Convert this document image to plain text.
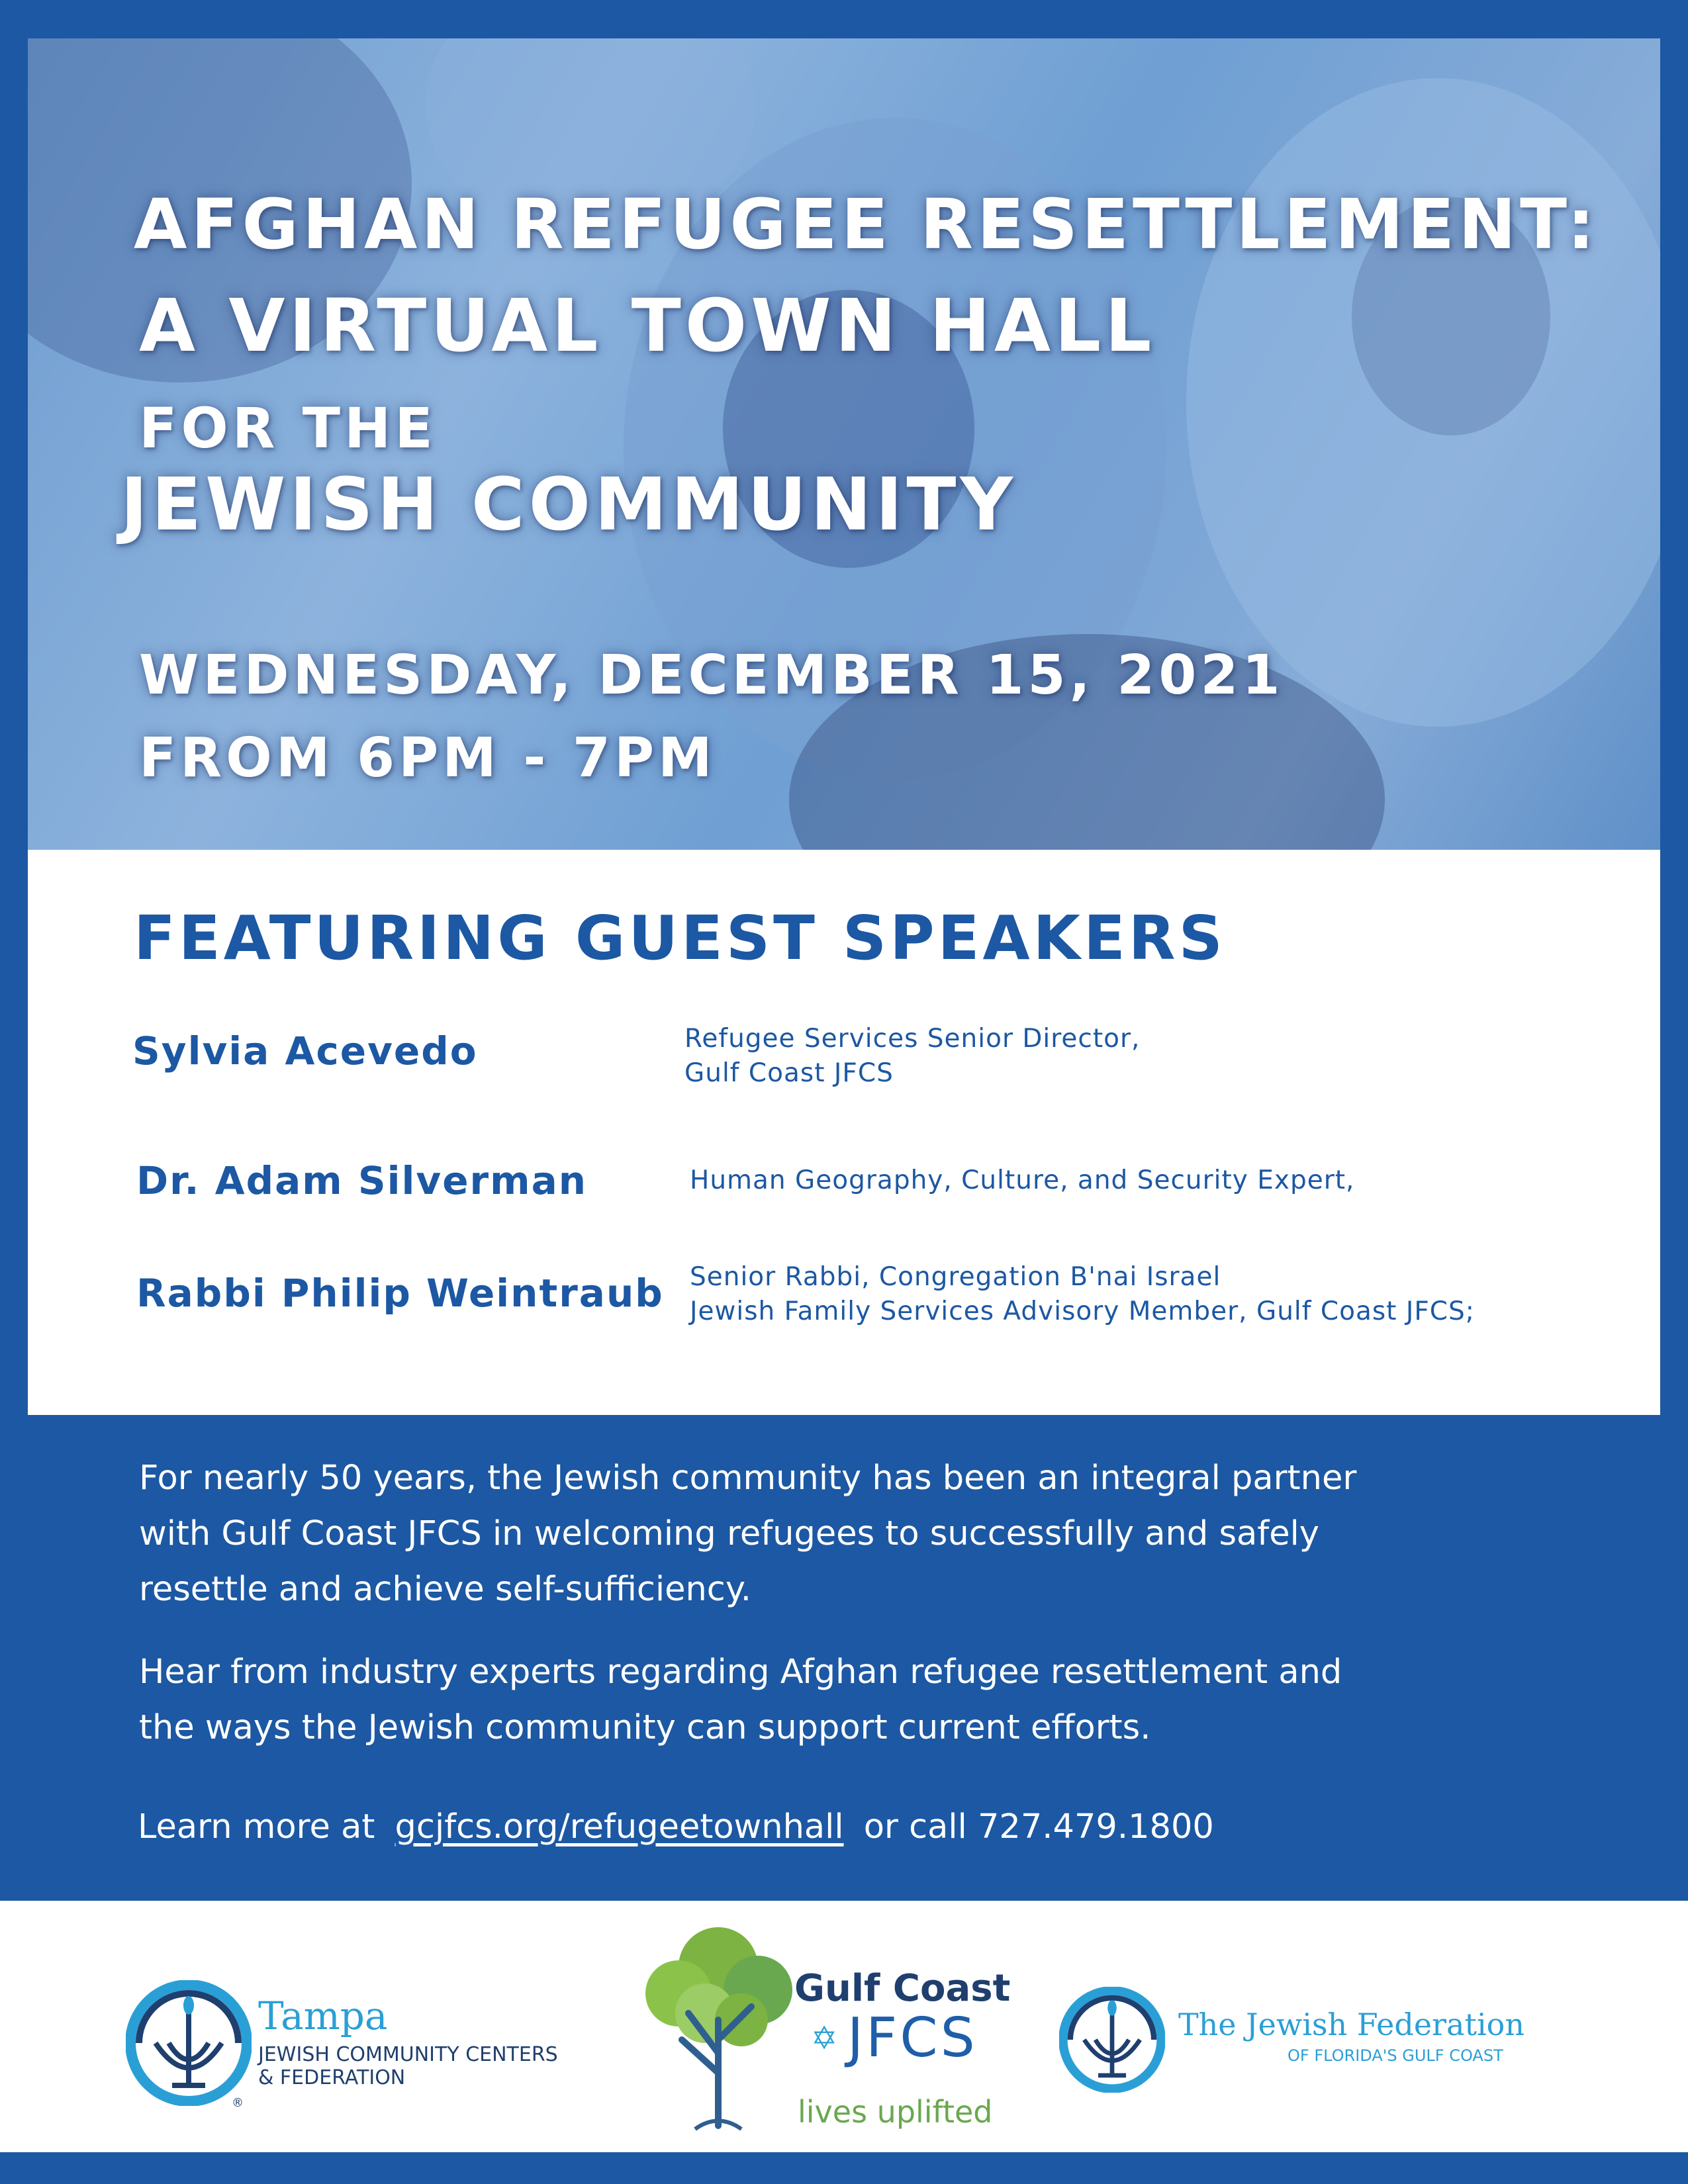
AFGHAN REFUGEE RESETTLEMENT:
A VIRTUAL TOWN HALL
FOR THE
JEWISH COMMUNITY
WEDNESDAY, DECEMBER 15, 2021
FROM 6PM - 7PM
FEATURING GUEST SPEAKERS
Sylvia Acevedo	Refugee Services Senior Director,
Gulf Coast JFCS
Dr. Adam Silverman	Human Geography, Culture, and Security Expert,
Rabbi Philip Weintraub Senior Rabbi, Congregation B'nai Israel
Jewish Family Services Advisory Member, Gulf Coast JFCS;
For nearly 50 years, the Jewish community has been an integral partner
with Gulf Coast JFCS in welcoming refugees to successfully and safely
resettle and achieve self-sufficiency.
Hear from industry experts regarding Afghan refugee resettlement and
the ways the Jewish community can support current efforts.
Learn more at gcjfcs.org/refugeetownhall or call 727.479.1800
Tampa
JEWISH COMMUNITY CENTERS
& FEDERATION
®
Gulf Coast
✡ JFCS
lives uplifted
The Jewish Federation
OF FLORIDA'S GULF COAST
